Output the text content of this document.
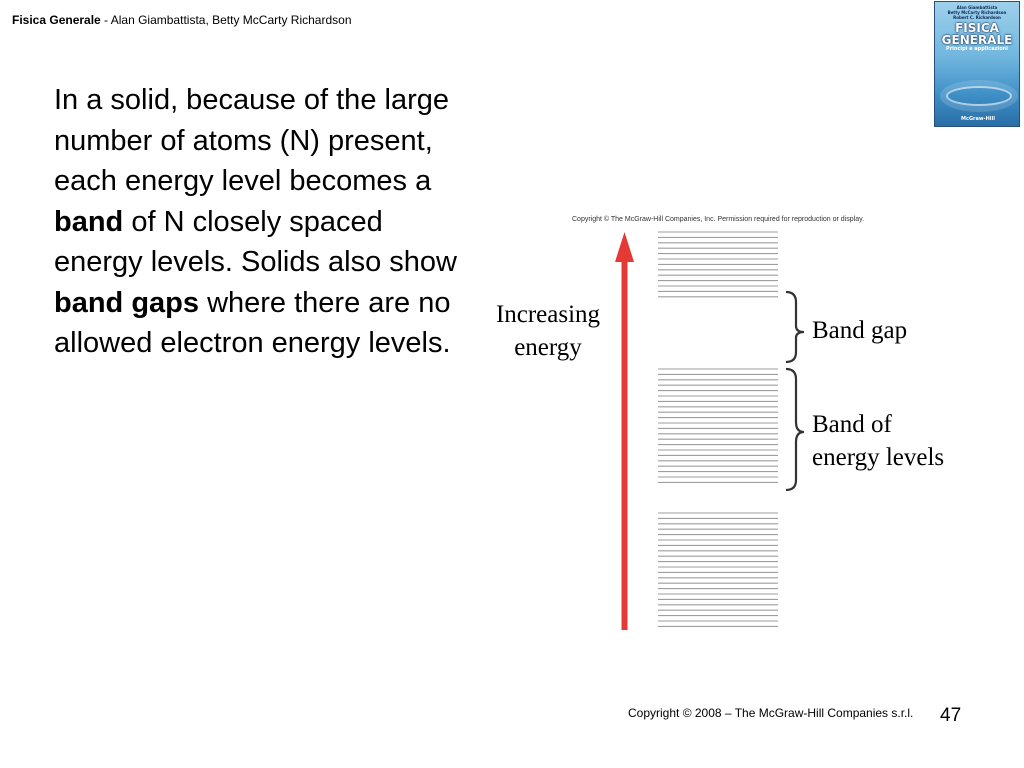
Fisica Generale - Alan Giambattista, Betty McCarty Richardson
Alan Giambattista
Betty McCarty Richardson
Robert C. Richardson
FISICA
GENERALE
Principi e applicazioni
McGraw-Hill

In a solid, because of the large number of atoms (N) present, each energy level becomes a band of N closely spaced energy levels. Solids also show band gaps where there are no allowed electron energy levels.

Copyright © The McGraw-Hill Companies, Inc. Permission required for reproduction or display.
Increasing
energy
Band gap
Band of
energy levels
Copyright © 2008 – The McGraw-Hill Companies s.r.l. 47
